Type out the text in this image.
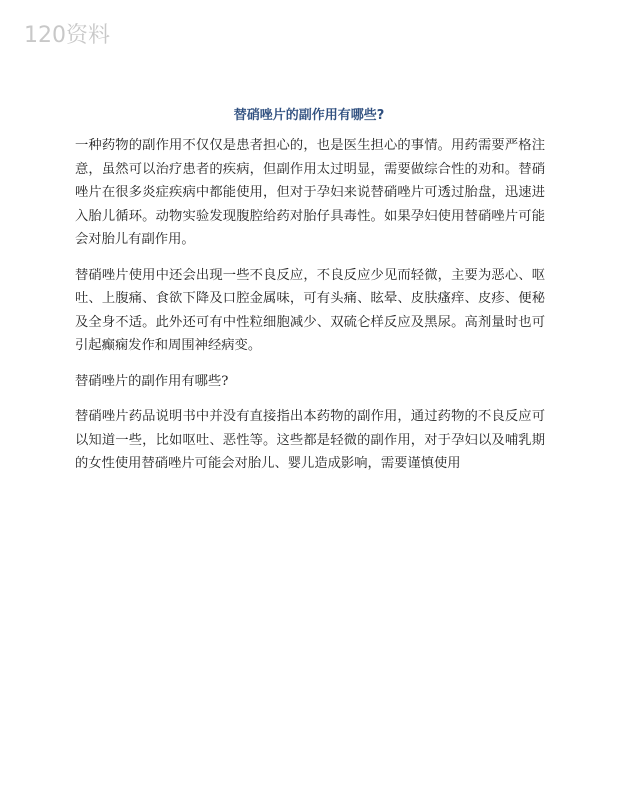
120资料
替硝唑片的副作用有哪些?

一种药物的副作用不仅仅是患者担心的，也是医生担心的事情。用药需要严格注意，虽然可以治疗患者的疾病，但副作用太过明显，需要做综合性的劝和。替硝唑片在很多炎症疾病中都能使用，但对于孕妇来说替硝唑片可透过胎盘，迅速进入胎儿循环。动物实验发现腹腔给药对胎仔具毒性。如果孕妇使用替硝唑片可能会对胎儿有副作用。

替硝唑片使用中还会出现一些不良反应，不良反应少见而轻微，主要为恶心、呕吐、上腹痛、食欲下降及口腔金属味，可有头痛、眩晕、皮肤瘙痒、皮疹、便秘及全身不适。此外还可有中性粒细胞减少、双硫仑样反应及黑尿。高剂量时也可引起癫痫发作和周围神经病变。

替硝唑片的副作用有哪些?

替硝唑片药品说明书中并没有直接指出本药物的副作用，通过药物的不良反应可以知道一些，比如呕吐、恶性等。这些都是轻微的副作用，对于孕妇以及哺乳期的女性使用替硝唑片可能会对胎儿、婴儿造成影响，需要谨慎使用
